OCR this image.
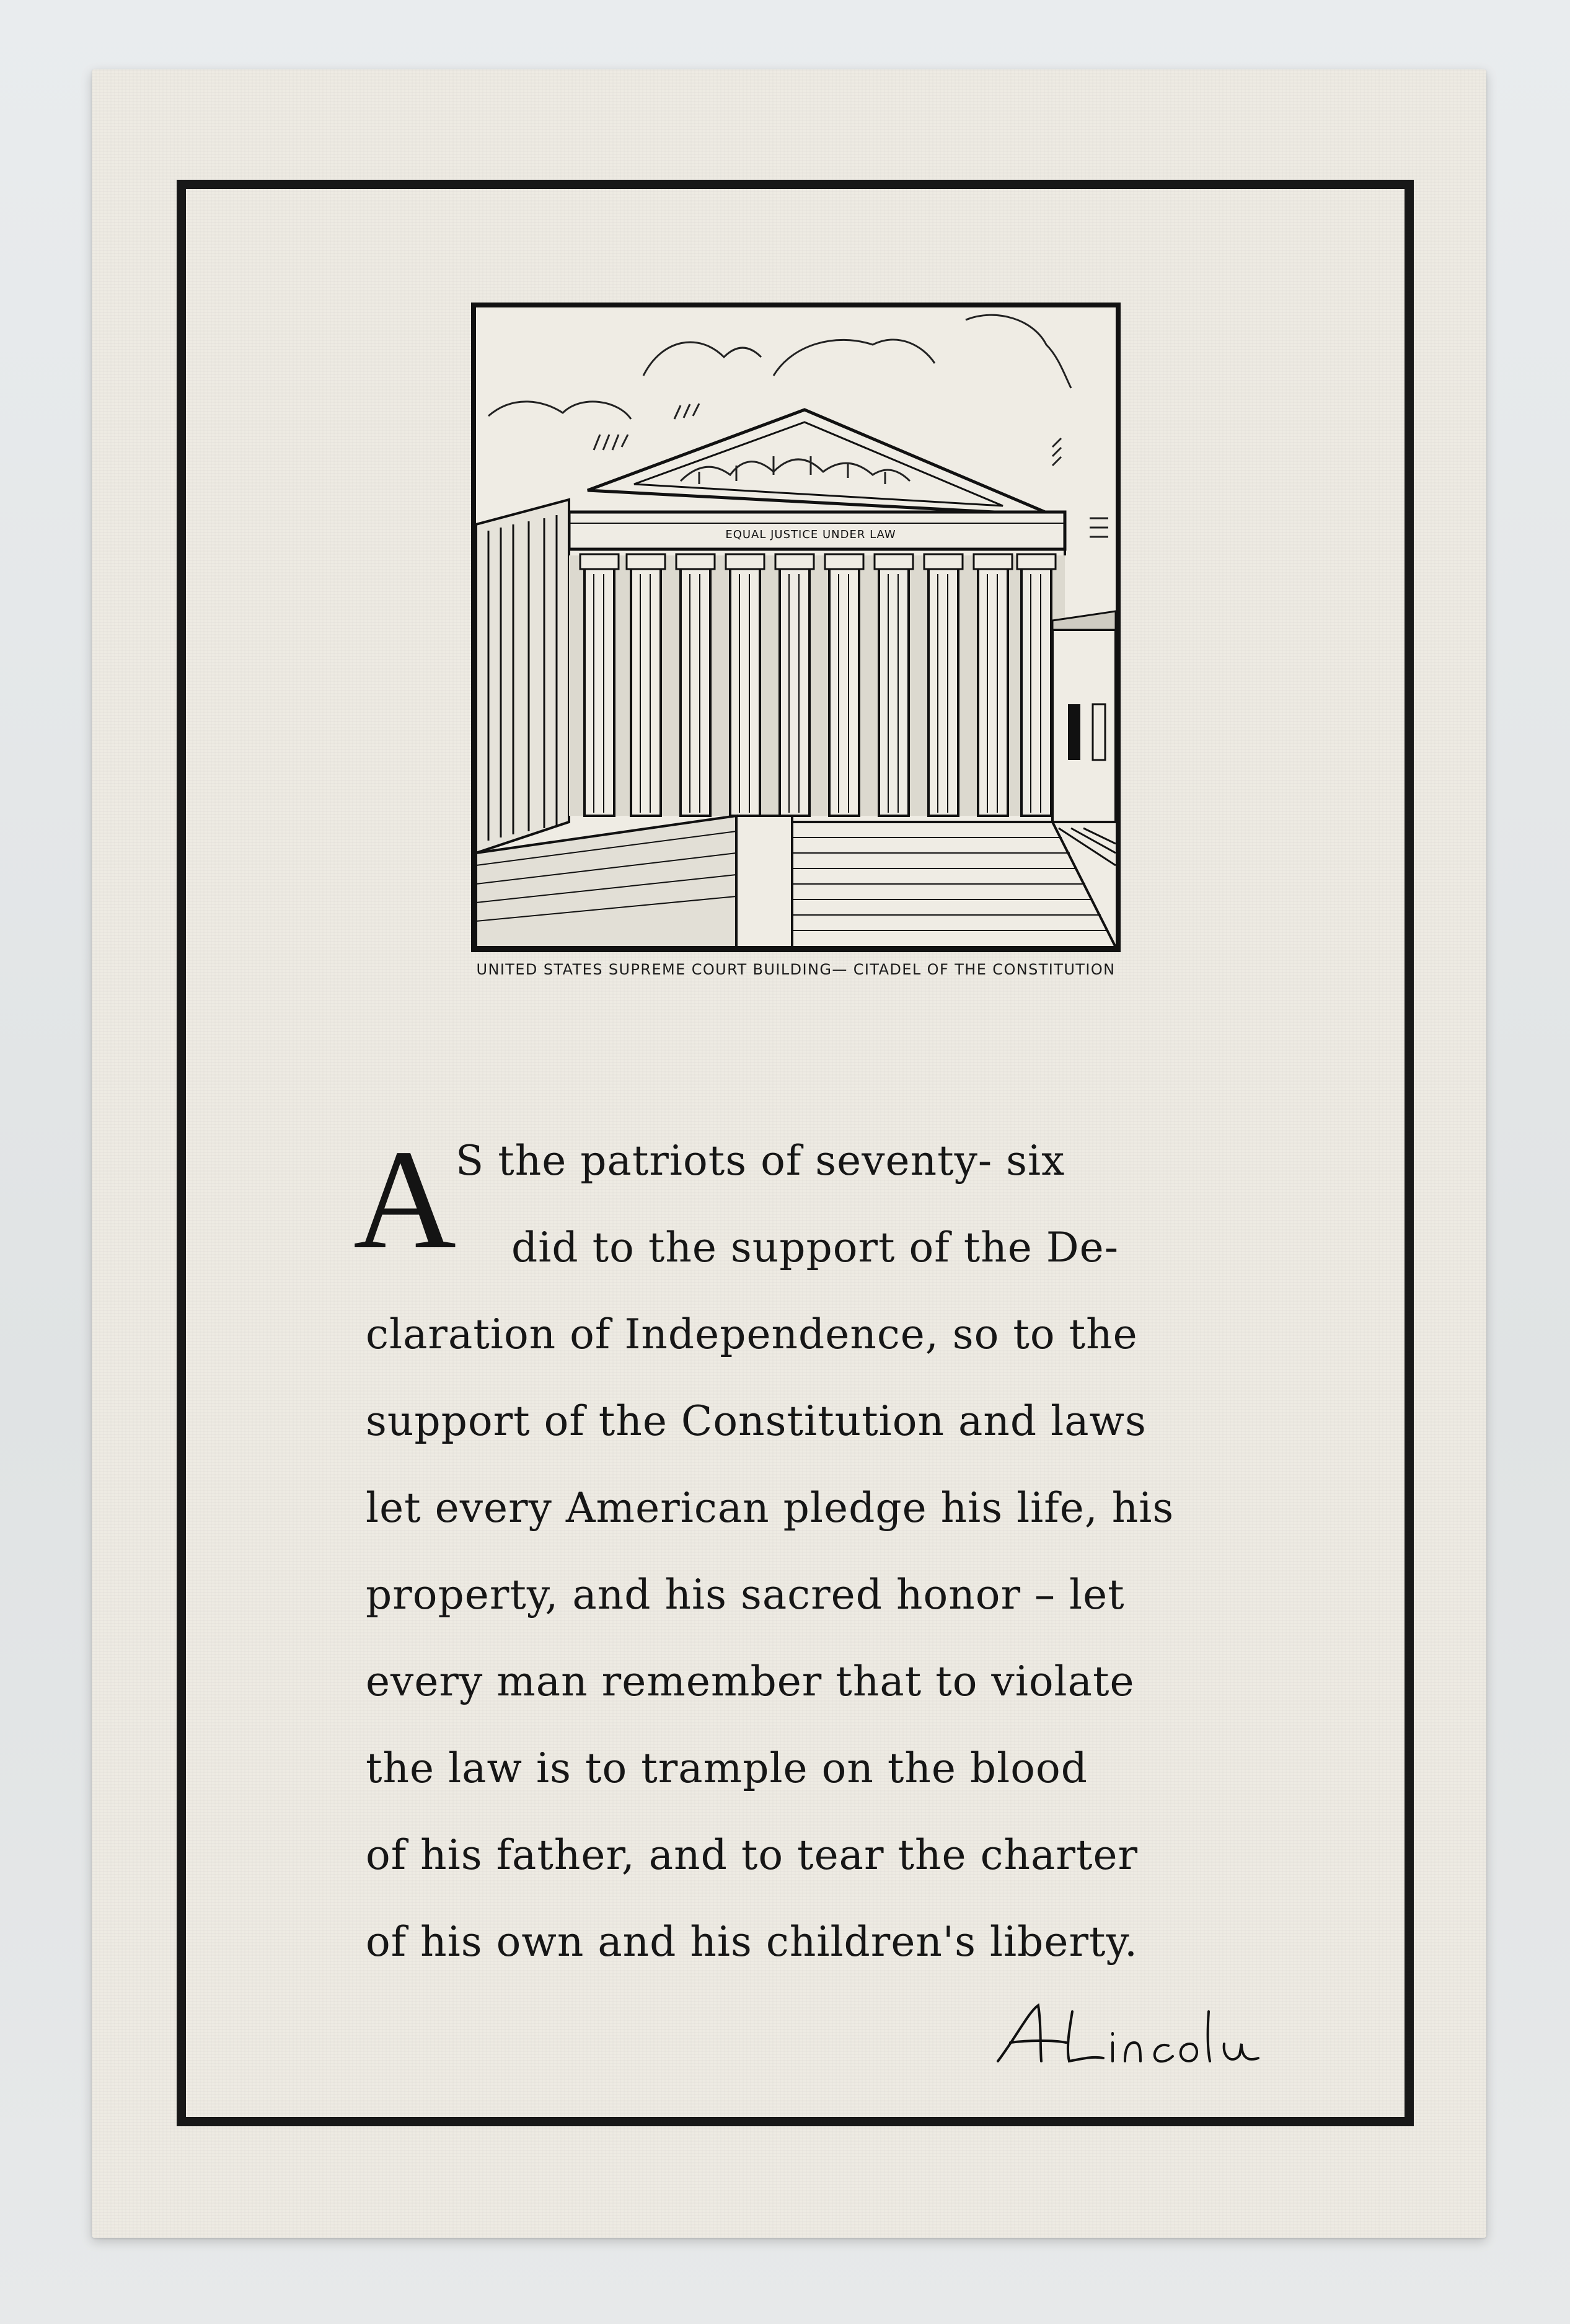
EQUAL JUSTICE UNDER LAW
UNITED STATES SUPREME COURT BUILDING— CITADEL OF THE CONSTITUTION
A
S the patriots of seventy- six
did to the support of the De-
claration of Independence, so to the
support of the Constitution and laws
let every American pledge his life, his
property, and his sacred honor – let
every man remember that to violate
the law is to trample on the blood
of his father, and to tear the charter
of his own and his children's liberty.
